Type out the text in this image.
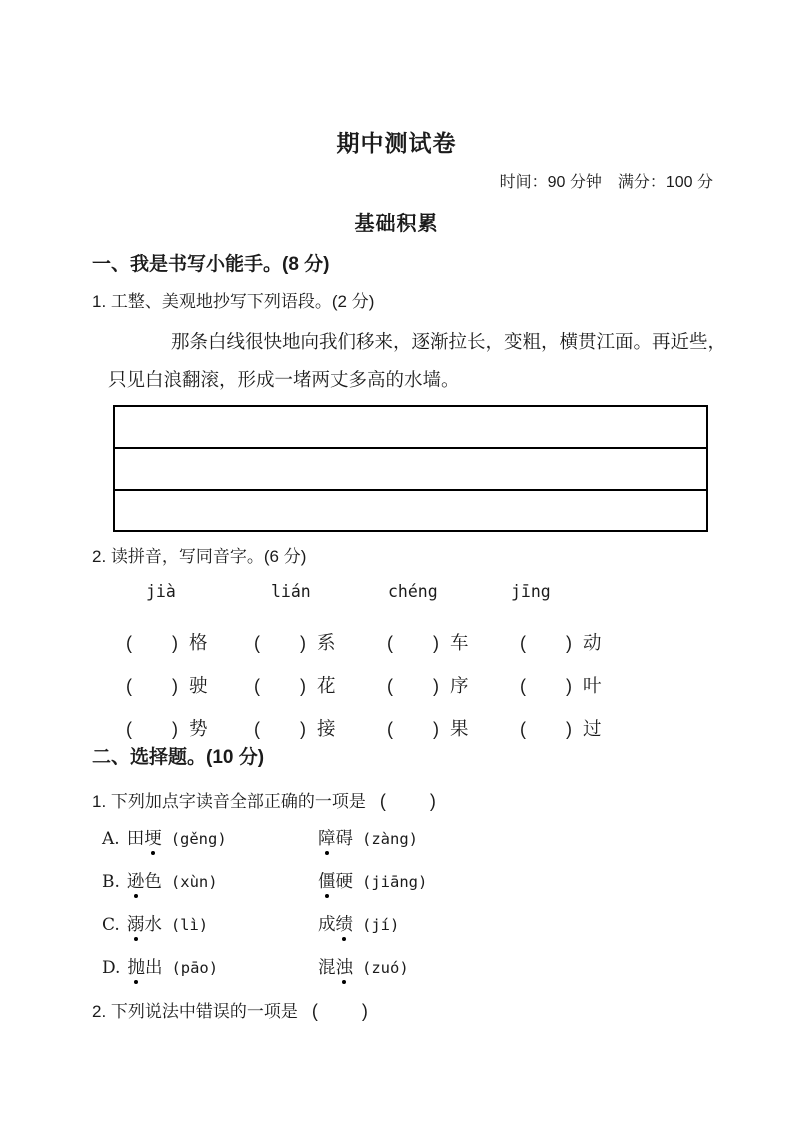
期中测试卷
时间：90 分钟　满分：100 分
基础积累
一、我是书写小能手。(8 分)
1. 工整、美观地抄写下列语段。(2 分)
那条白线很快地向我们移来，逐渐拉长，变粗，横贯江面。再近些，
只见白浪翻滚，形成一堵两丈多高的水墙。
2. 读拼音，写同音字。(6 分)
jià	lián	chéng	jīng
( ) 格	( ) 系	( ) 车	( ) 动
( ) 驶	( ) 花	( ) 序	( ) 叶
( ) 势	( ) 接	( ) 果	( ) 过
二、选择题。(10 分)
1. 下列加点字读音全部正确的一项是 ( )
A. 田埂 (gěng)	障碍 (zàng)
B. 逊色 (xùn)	僵硬 (jiāng)
C. 溺水 (lì)	成绩 (jí)
D. 抛出 (pāo)	混浊 (zuó)
2. 下列说法中错误的一项是 ( )
